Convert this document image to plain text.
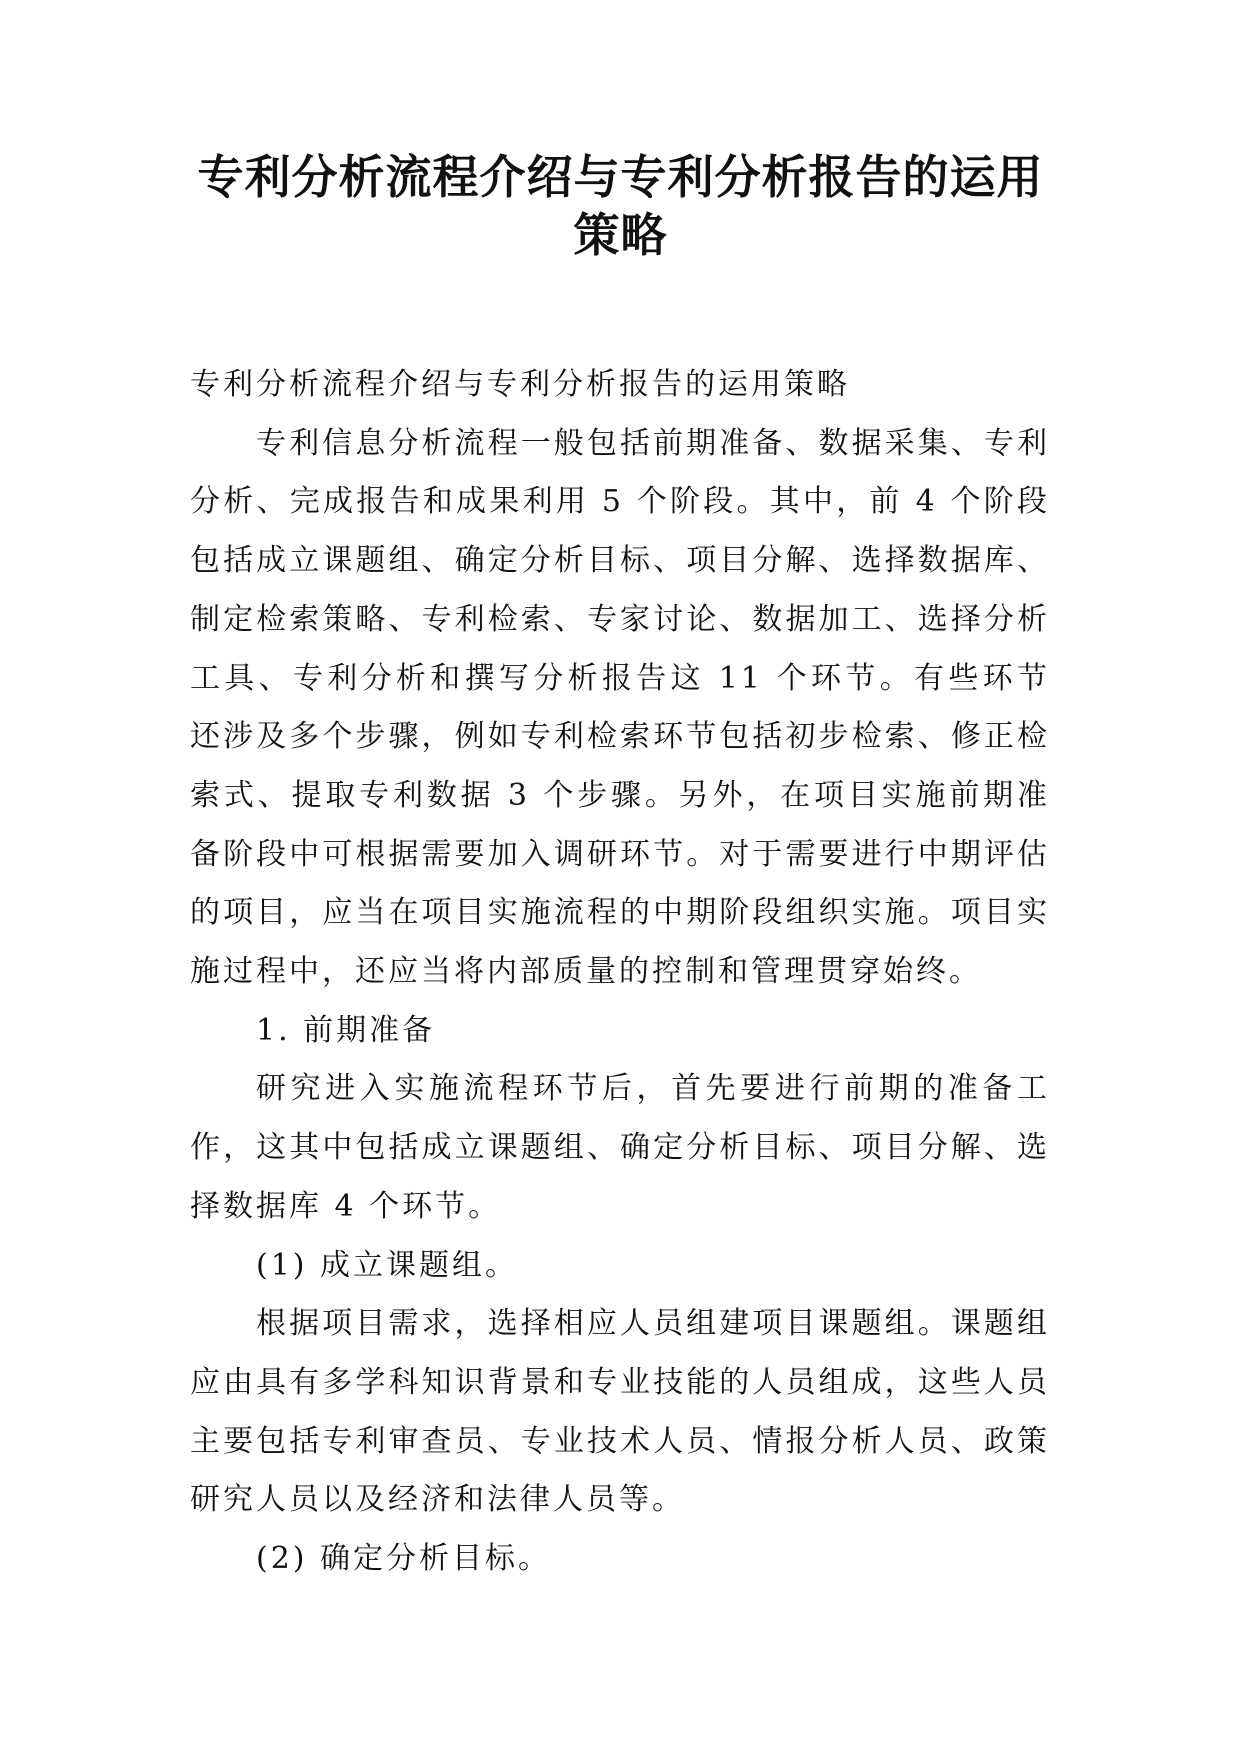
专利分析流程介绍与专利分析报告的运用策略

专利分析流程介绍与专利分析报告的运用策略

专利信息分析流程一般包括前期准备、数据采集、专利分析、完成报告和成果利用 5 个阶段。其中，前 4 个阶段包括成立课题组、确定分析目标、项目分解、选择数据库、制定检索策略、专利检索、专家讨论、数据加工、选择分析工具、专利分析和撰写分析报告这 11 个环节。有些环节还涉及多个步骤，例如专利检索环节包括初步检索、修正检索式、提取专利数据 3 个步骤。另外，在项目实施前期准备阶段中可根据需要加入调研环节。对于需要进行中期评估的项目，应当在项目实施流程的中期阶段组织实施。项目实施过程中，还应当将内部质量的控制和管理贯穿始终。

1. 前期准备

研究进入实施流程环节后，首先要进行前期的准备工作，这其中包括成立课题组、确定分析目标、项目分解、选择数据库 4 个环节。

(1) 成立课题组。

根据项目需求，选择相应人员组建项目课题组。课题组应由具有多学科知识背景和专业技能的人员组成，这些人员主要包括专利审查员、专业技术人员、情报分析人员、政策研究人员以及经济和法律人员等。

(2) 确定分析目标。
